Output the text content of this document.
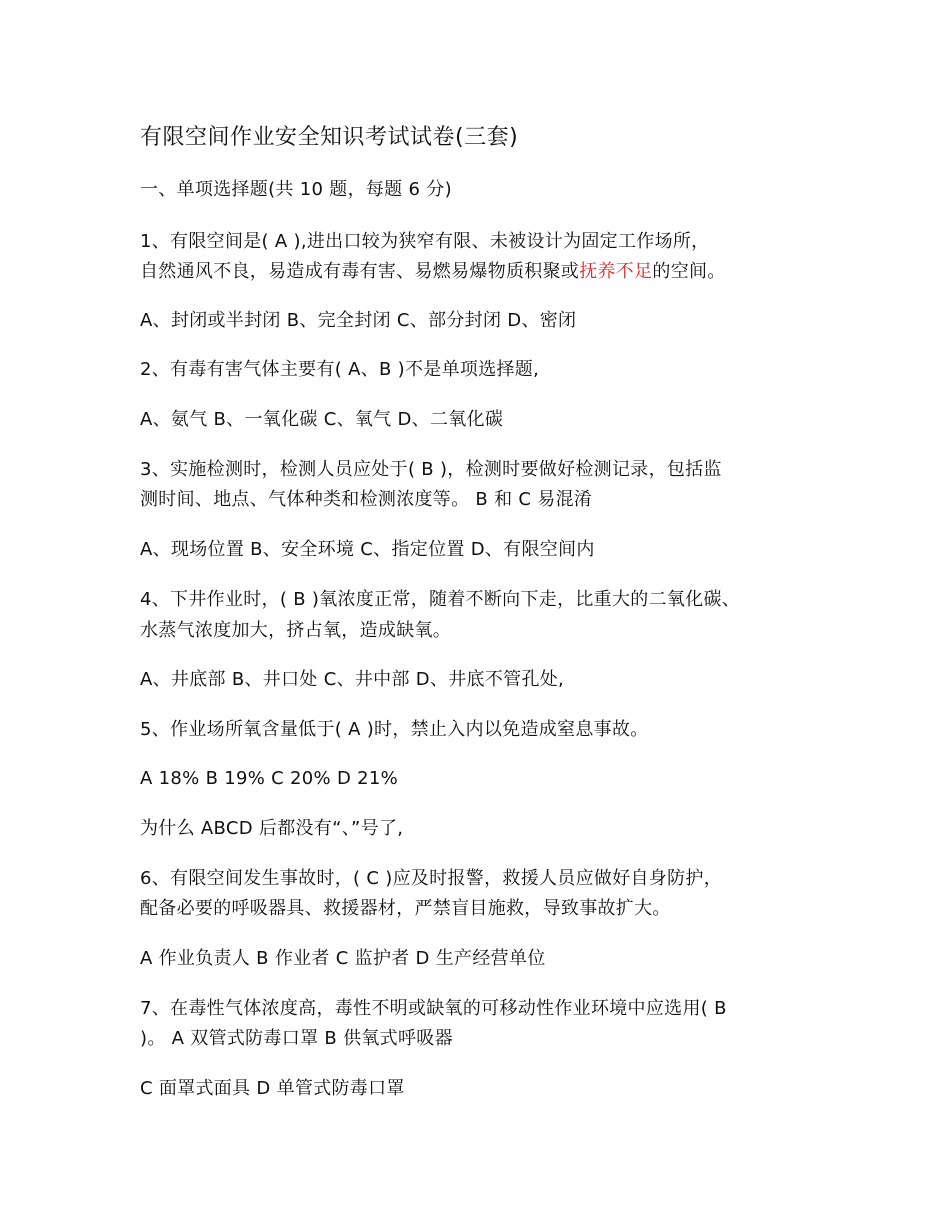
有限空间作业安全知识考试试卷(三套)
一、单项选择题(共 10 题，每题 6 分)
1、有限空间是( A ),进出口较为狭窄有限、未被设计为固定工作场所，
自然通风不良，易造成有毒有害、易燃易爆物质积聚或抚养不足的空间。
A、封闭或半封闭 B、完全封闭 C、部分封闭 D、密闭
2、有毒有害气体主要有( A、B )不是单项选择题,
A、氨气 B、一氧化碳 C、氧气 D、二氧化碳
3、实施检测时，检测人员应处于( B )，检测时要做好检测记录，包括监
测时间、地点、气体种类和检测浓度等。 B 和 C 易混淆
A、现场位置 B、安全环境 C、指定位置 D、有限空间内
4、下井作业时，( B )氧浓度正常，随着不断向下走，比重大的二氧化碳、
水蒸气浓度加大，挤占氧，造成缺氧。
A、井底部 B、井口处 C、井中部 D、井底不管孔处,
5、作业场所氧含量低于( A )时，禁止入内以免造成窒息事故。
A 18% B 19% C 20% D 21%
为什么 ABCD 后都没有“、”号了,
6、有限空间发生事故时，( C )应及时报警，救援人员应做好自身防护，
配备必要的呼吸器具、救援器材，严禁盲目施救，导致事故扩大。
A 作业负责人 B 作业者 C 监护者 D 生产经营单位
7、在毒性气体浓度高，毒性不明或缺氧的可移动性作业环境中应选用( B
)。 A 双管式防毒口罩 B 供氧式呼吸器
C 面罩式面具 D 单管式防毒口罩
